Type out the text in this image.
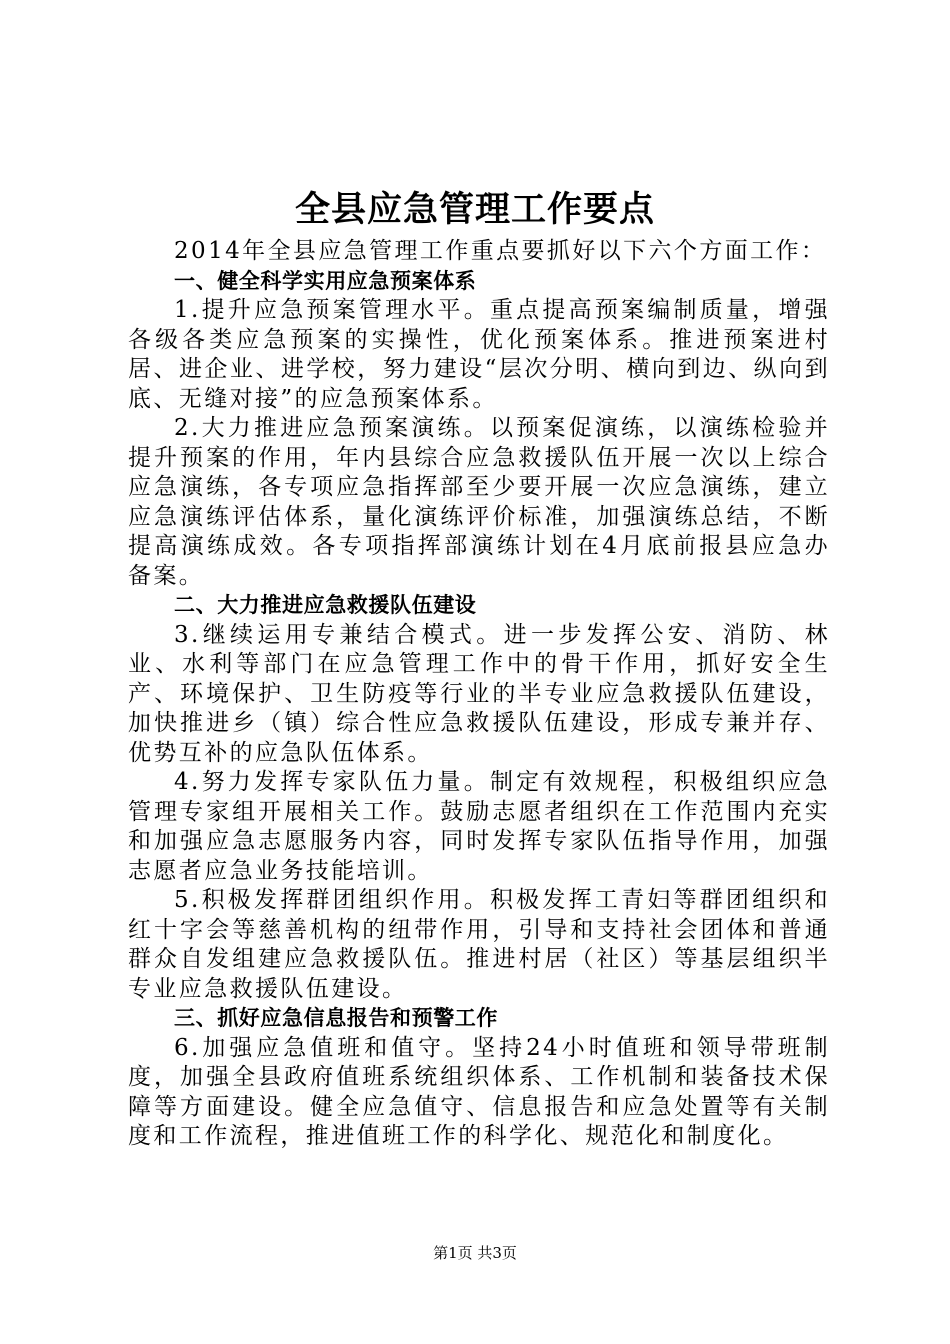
全县应急管理工作要点

2014年全县应急管理工作重点要抓好以下六个方面工作：

一、健全科学实用应急预案体系

1.提升应急预案管理水平。重点提高预案编制质量，增强各级各类应急预案的实操性，优化预案体系。推进预案进村居、进企业、进学校，努力建设“层次分明、横向到边、纵向到底、无缝对接”的应急预案体系。

2.大力推进应急预案演练。以预案促演练，以演练检验并提升预案的作用，年内县综合应急救援队伍开展一次以上综合应急演练，各专项应急指挥部至少要开展一次应急演练，建立应急演练评估体系，量化演练评价标准，加强演练总结，不断提高演练成效。各专项指挥部演练计划在4月底前报县应急办备案。

二、大力推进应急救援队伍建设

3.继续运用专兼结合模式。进一步发挥公安、消防、林业、水利等部门在应急管理工作中的骨干作用，抓好安全生产、环境保护、卫生防疫等行业的半专业应急救援队伍建设，加快推进乡（镇）综合性应急救援队伍建设，形成专兼并存、优势互补的应急队伍体系。

4.努力发挥专家队伍力量。制定有效规程，积极组织应急管理专家组开展相关工作。鼓励志愿者组织在工作范围内充实和加强应急志愿服务内容，同时发挥专家队伍指导作用，加强志愿者应急业务技能培训。

5.积极发挥群团组织作用。积极发挥工青妇等群团组织和红十字会等慈善机构的纽带作用，引导和支持社会团体和普通群众自发组建应急救援队伍。推进村居（社区）等基层组织半专业应急救援队伍建设。

三、抓好应急信息报告和预警工作

6.加强应急值班和值守。坚持24小时值班和领导带班制度，加强全县政府值班系统组织体系、工作机制和装备技术保障等方面建设。健全应急值守、信息报告和应急处置等有关制度和工作流程，推进值班工作的科学化、规范化和制度化。

第1页 共3页
